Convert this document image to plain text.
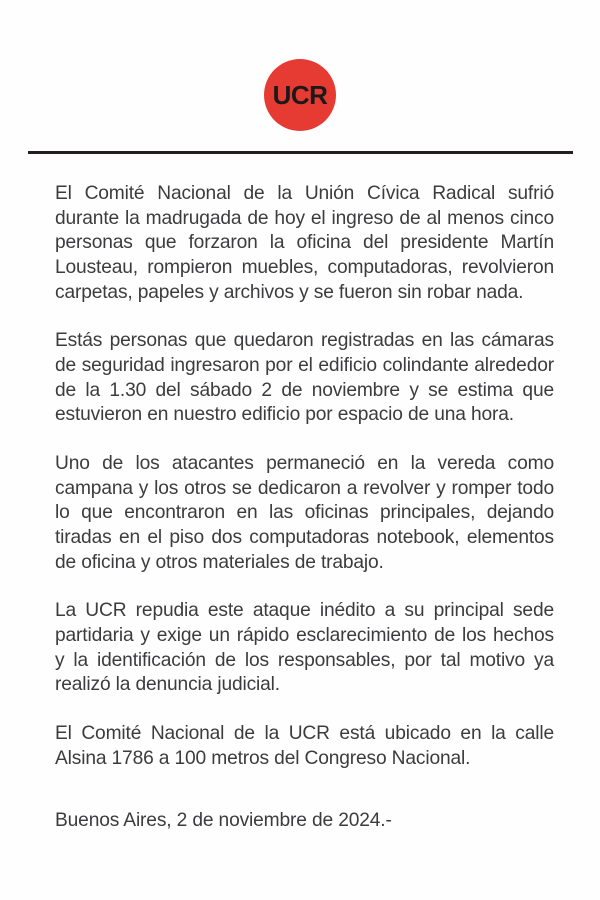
UCR

El Comité Nacional de la Unión Cívica Radical sufrió durante la madrugada de hoy el ingreso de al menos cinco personas que forzaron la oficina del presidente Martín Lousteau, rompieron muebles, computadoras, revolvieron carpetas, papeles y archivos y se fueron sin robar nada.

Estás personas que quedaron registradas en las cámaras de seguridad ingresaron por el edificio colindante alrededor de la 1.30 del sábado 2 de noviembre y se estima que estuvieron en nuestro edificio por espacio de una hora.

Uno de los atacantes permaneció en la vereda como campana y los otros se dedicaron a revolver y romper todo lo que encontraron en las oficinas principales, dejando tiradas en el piso dos computadoras notebook, elementos de oficina y otros materiales de trabajo.

La UCR repudia este ataque inédito a su principal sede partidaria y exige un rápido esclarecimiento de los hechos y la identificación de los responsables, por tal motivo ya realizó la denuncia judicial.

El Comité Nacional de la UCR está ubicado en la calle Alsina 1786 a 100 metros del Congreso Nacional.

Buenos Aires, 2 de noviembre de 2024.-
